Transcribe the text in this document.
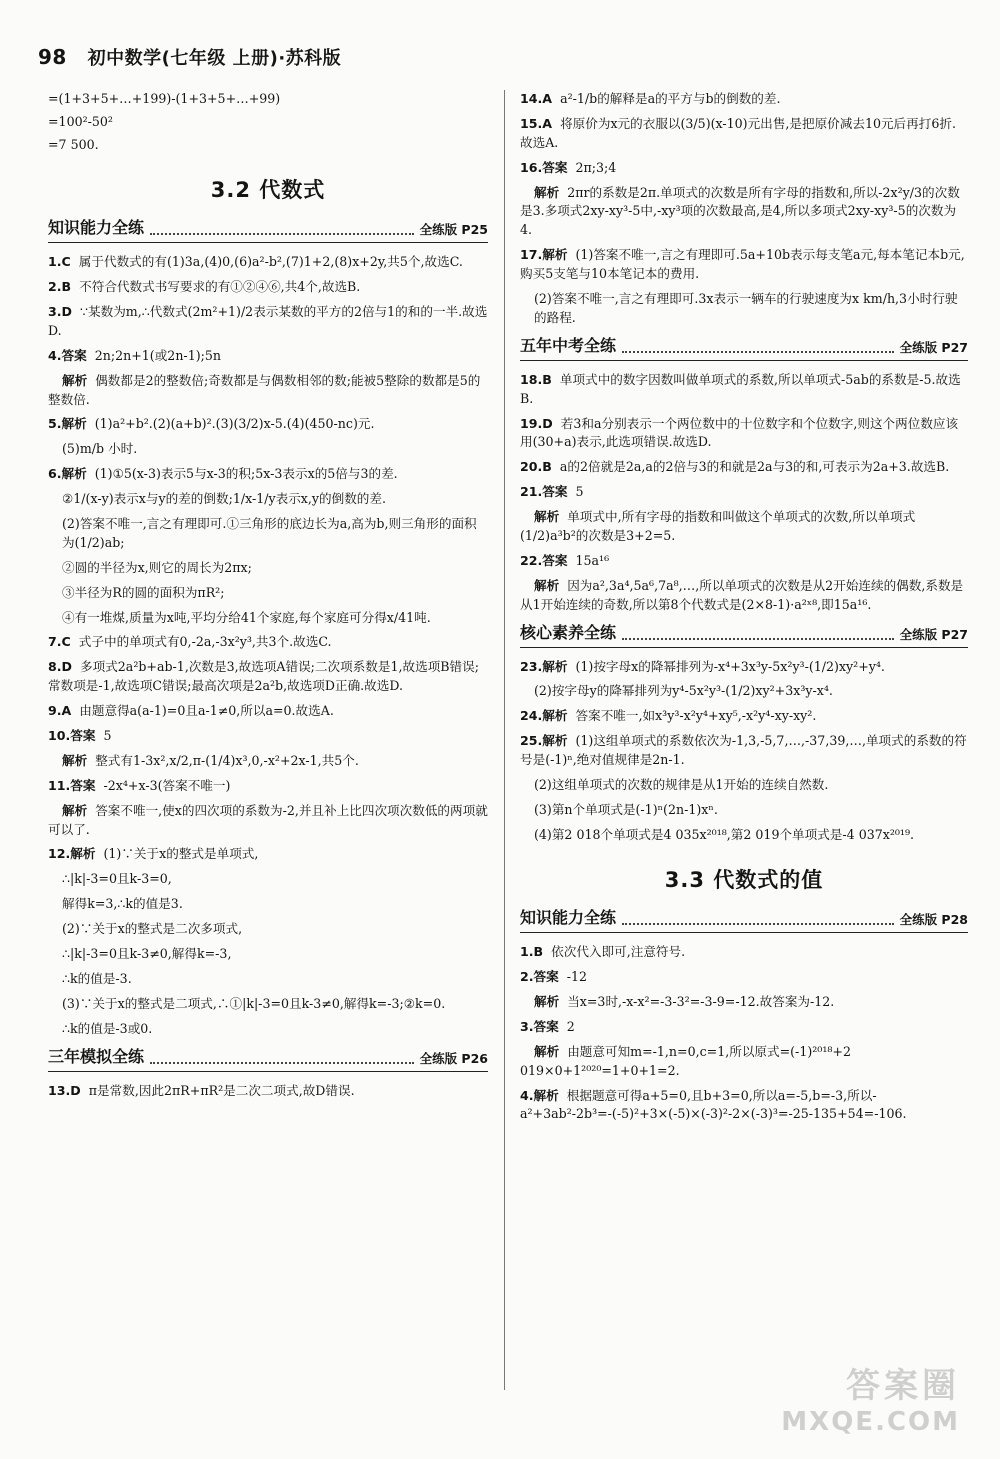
98 初中数学(七年级 上册)·苏科版
=(1+3+5+…+199)-(1+3+5+…+99)
=100²-50²
=7 500.
3.2 代数式
知识能力全练	全练版 P25
1.C 属于代数式的有(1)3a,(4)0,(6)a²-b²,(7)1+2,(8)x+2y,共5个,故选C.
2.B 不符合代数式书写要求的有①②④⑥,共4个,故选B.
3.D ∵某数为m,∴代数式(2m²+1)/2表示某数的平方的2倍与1的和的一半.故选D.
4.答案 2n;2n+1(或2n-1);5n
解析 偶数都是2的整数倍;奇数都是与偶数相邻的数;能被5整除的数都是5的整数倍.
5.解析 (1)a²+b².(2)(a+b)².(3)(3/2)x-5.(4)(450-nc)元.
(5)m/b 小时.
6.解析 (1)①5(x-3)表示5与x-3的积;5x-3表示x的5倍与3的差.
②1/(x-y)表示x与y的差的倒数;1/x-1/y表示x,y的倒数的差.
(2)答案不唯一,言之有理即可.①三角形的底边长为a,高为b,则三角形的面积为(1/2)ab;
②圆的半径为x,则它的周长为2πx;
③半径为R的圆的面积为πR²;
④有一堆煤,质量为x吨,平均分给41个家庭,每个家庭可分得x/41吨.
7.C 式子中的单项式有0,-2a,-3x²y³,共3个.故选C.
8.D 多项式2a²b+ab-1,次数是3,故选项A错误;二次项系数是1,故选项B错误;常数项是-1,故选项C错误;最高次项是2a²b,故选项D正确.故选D.
9.A 由题意得a(a-1)=0且a-1≠0,所以a=0.故选A.
10.答案 5
解析 整式有1-3x²,x/2,π-(1/4)x³,0,-x²+2x-1,共5个.
11.答案 -2x⁴+x-3(答案不唯一)
解析 答案不唯一,使x的四次项的系数为-2,并且补上比四次项次数低的两项就可以了.
12.解析 (1)∵关于x的整式是单项式,
∴|k|-3=0且k-3=0,
解得k=3,∴k的值是3.
(2)∵关于x的整式是二次多项式,
∴|k|-3=0且k-3≠0,解得k=-3,
∴k的值是-3.
(3)∵关于x的整式是二项式,∴①|k|-3=0且k-3≠0,解得k=-3;②k=0.
∴k的值是-3或0.
三年模拟全练	全练版 P26
13.D π是常数,因此2πR+πR²是二次二项式,故D错误.
14.A a²-1/b的解释是a的平方与b的倒数的差.
15.A 将原价为x元的衣服以(3/5)(x-10)元出售,是把原价减去10元后再打6折.故选A.
16.答案 2π;3;4
解析 2πr的系数是2π.单项式的次数是所有字母的指数和,所以-2x²y/3的次数是3.多项式2xy-xy³-5中,-xy³项的次数最高,是4,所以多项式2xy-xy³-5的次数为4.
17.解析 (1)答案不唯一,言之有理即可.5a+10b表示每支笔a元,每本笔记本b元,购买5支笔与10本笔记本的费用.
(2)答案不唯一,言之有理即可.3x表示一辆车的行驶速度为x km/h,3小时行驶的路程.
五年中考全练	全练版 P27
18.B 单项式中的数字因数叫做单项式的系数,所以单项式-5ab的系数是-5.故选B.
19.D 若3和a分别表示一个两位数中的十位数字和个位数字,则这个两位数应该用(30+a)表示,此选项错误.故选D.
20.B a的2倍就是2a,a的2倍与3的和就是2a与3的和,可表示为2a+3.故选B.
21.答案 5
解析 单项式中,所有字母的指数和叫做这个单项式的次数,所以单项式(1/2)a³b²的次数是3+2=5.
22.答案 15a¹⁶
解析 因为a²,3a⁴,5a⁶,7a⁸,…,所以单项式的次数是从2开始连续的偶数,系数是从1开始连续的奇数,所以第8个代数式是(2×8-1)·a²ˣ⁸,即15a¹⁶.
核心素养全练	全练版 P27
23.解析 (1)按字母x的降幂排列为-x⁴+3x³y-5x²y³-(1/2)xy²+y⁴.
(2)按字母y的降幂排列为y⁴-5x²y³-(1/2)xy²+3x³y-x⁴.
24.解析 答案不唯一,如x³y³-x²y⁴+xy⁵,-x²y⁴-xy-xy².
25.解析 (1)这组单项式的系数依次为-1,3,-5,7,…,-37,39,…,单项式的系数的符号是(-1)ⁿ,绝对值规律是2n-1.
(2)这组单项式的次数的规律是从1开始的连续自然数.
(3)第n个单项式是(-1)ⁿ(2n-1)xⁿ.
(4)第2 018个单项式是4 035x²⁰¹⁸,第2 019个单项式是-4 037x²⁰¹⁹.
3.3 代数式的值
知识能力全练	全练版 P28
1.B 依次代入即可,注意符号.
2.答案 -12
解析 当x=3时,-x-x²=-3-3²=-3-9=-12.故答案为-12.
3.答案 2
解析 由题意可知m=-1,n=0,c=1,所以原式=(-1)²⁰¹⁸+2 019×0+1²⁰²⁰=1+0+1=2.
4.解析 根据题意可得a+5=0,且b+3=0,所以a=-5,b=-3,所以-a²+3ab²-2b³=-(-5)²+3×(-5)×(-3)²-2×(-3)³=-25-135+54=-106.
答案圈
MXQE.COM
